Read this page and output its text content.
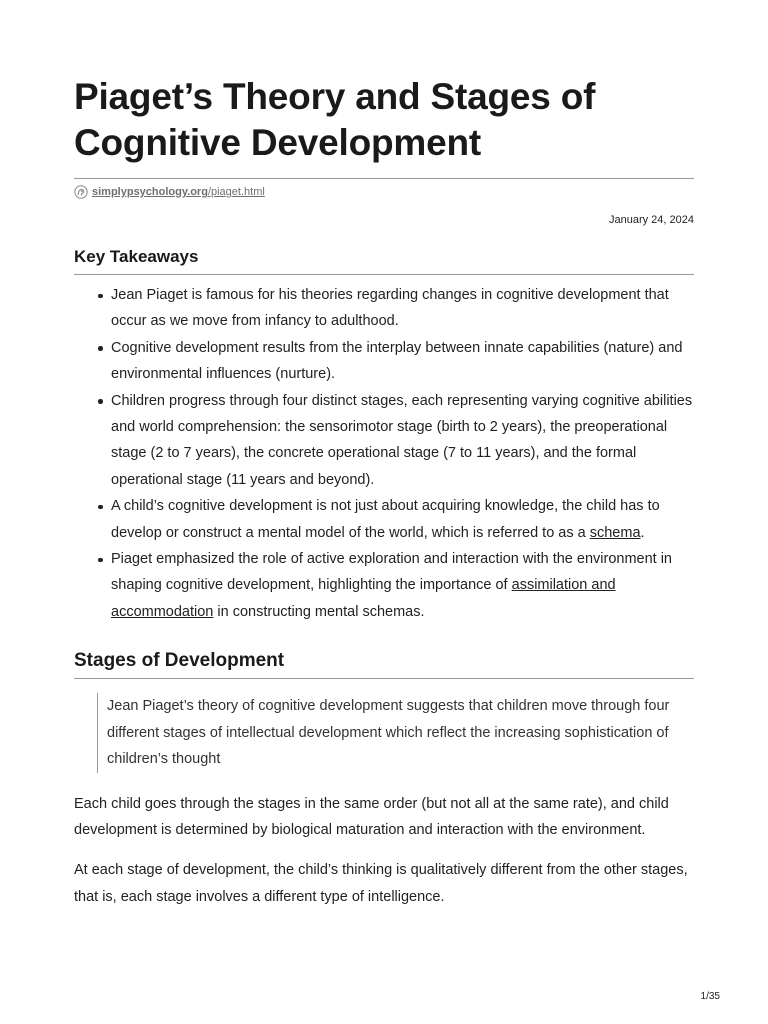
Piaget’s Theory and Stages of Cognitive Development
simplypsychology.org/piaget.html
January 24, 2024
Key Takeaways
Jean Piaget is famous for his theories regarding changes in cognitive development that occur as we move from infancy to adulthood.
Cognitive development results from the interplay between innate capabilities (nature) and environmental influences (nurture).
Children progress through four distinct stages, each representing varying cognitive abilities and world comprehension: the sensorimotor stage (birth to 2 years), the preoperational stage (2 to 7 years), the concrete operational stage (7 to 11 years), and the formal operational stage (11 years and beyond).
A child’s cognitive development is not just about acquiring knowledge, the child has to develop or construct a mental model of the world, which is referred to as a schema.
Piaget emphasized the role of active exploration and interaction with the environment in shaping cognitive development, highlighting the importance of assimilation and accommodation in constructing mental schemas.
Stages of Development
Jean Piaget’s theory of cognitive development suggests that children move through four different stages of intellectual development which reflect the increasing sophistication of children’s thought

Each child goes through the stages in the same order (but not all at the same rate), and child development is determined by biological maturation and interaction with the environment.

At each stage of development, the child’s thinking is qualitatively different from the other stages, that is, each stage involves a different type of intelligence.

1/35
